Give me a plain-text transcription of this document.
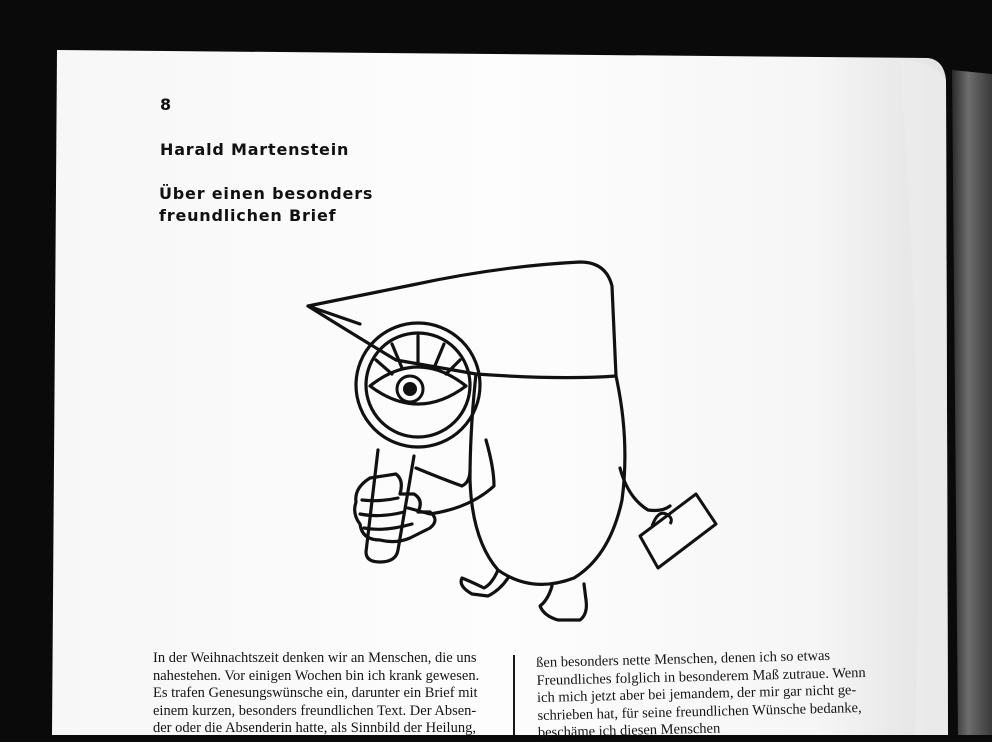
8
Harald Martenstein
Über einen besonders
freundlichen Brief
In der Weihnachtszeit denken wir an Menschen, die uns
nahestehen. Vor einigen Wochen bin ich krank gewesen.
Es trafen Genesungswünsche ein, darunter ein Brief mit
einem kurzen, besonders freundlichen Text. Der Absen-
der oder die Absenderin hatte, als Sinnbild der Heilung,
ßen besonders nette Menschen, denen ich so etwas
Freundliches folglich in besonderem Maß zutraue. Wenn
ich mich jetzt aber bei jemandem, der mir gar nicht ge-
schrieben hat, für seine freundlichen Wünsche bedanke,
beschäme ich diesen Menschen
